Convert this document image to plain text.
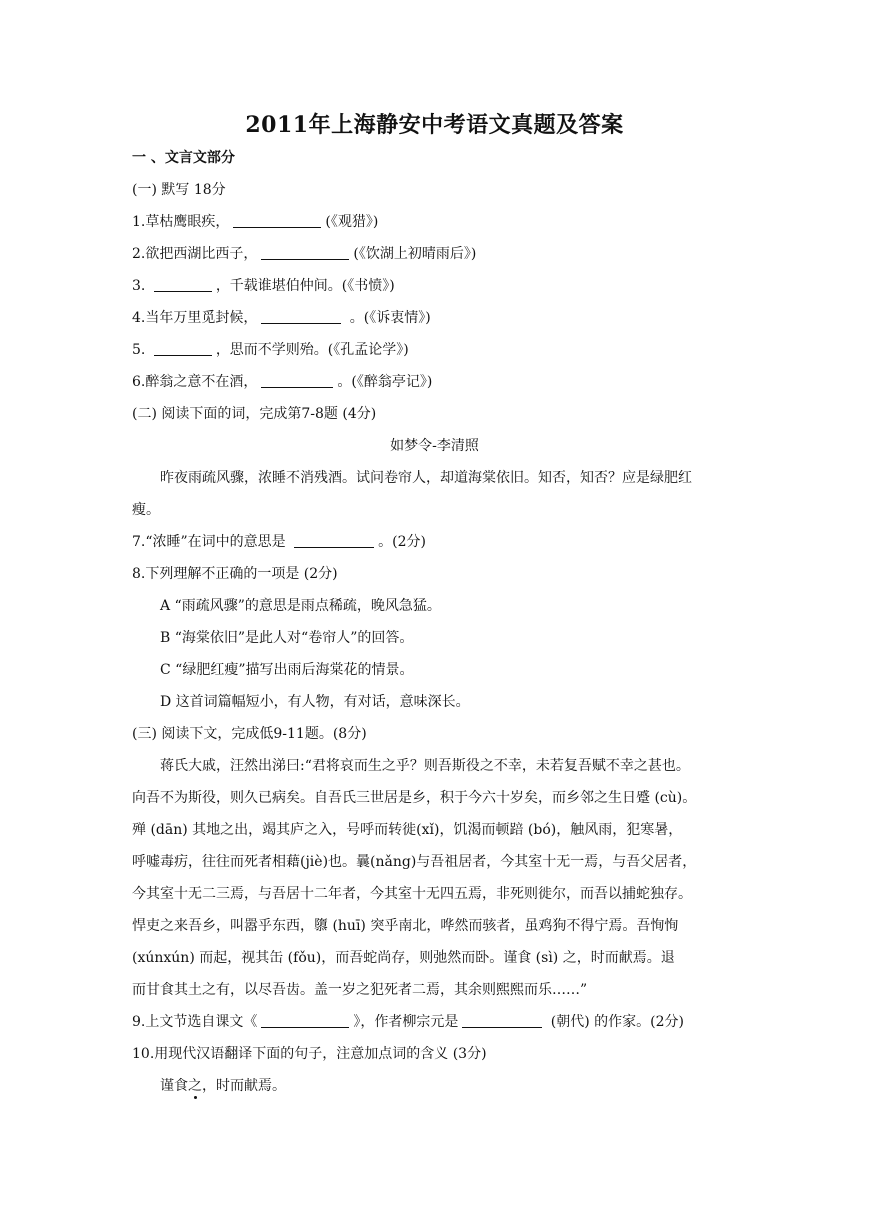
2011年上海静安中考语文真题及答案
一 、文言文部分
(一) 默写 18分
1.草枯鹰眼疾，	(《观猎》)
2.欲把西湖比西子，	(《饮湖上初晴雨后》)
3.	，千载谁堪伯仲间。(《书愤》)
4.当年万里觅封候，	。(《诉衷情》)
5.	，思而不学则殆。(《孔孟论学》)
6.醉翁之意不在酒，	。(《醉翁亭记》)
(二) 阅读下面的词，完成第7-8题 (4分)
如梦令-李清照
昨夜雨疏风骤，浓睡不消残酒。试问卷帘人，却道海棠依旧。知否，知否？应是绿肥红
瘦。
7.“浓睡”在词中的意思是	。(2分)
8.下列理解不正确的一项是 (2分)
A “雨疏风骤”的意思是雨点稀疏，晚风急猛。
B “海棠依旧”是此人对“卷帘人”的回答。
C “绿肥红瘦”描写出雨后海棠花的情景。
D 这首词篇幅短小，有人物，有对话，意味深长。
(三) 阅读下文，完成低9-11题。(8分)
蒋氏大戚，汪然出涕曰:“君将哀而生之乎？则吾斯役之不幸，未若复吾赋不幸之甚也。
向吾不为斯役，则久已病矣。自吾氏三世居是乡，积于今六十岁矣，而乡邻之生日蹙 (cù)。
殚 (dān) 其地之出，竭其庐之入，号呼而转徙(xǐ)，饥渴而顿踣 (bó)，触风雨，犯寒暑，
呼嘘毒疠，往往而死者相藉(jiè)也。曩(nǎng)与吾祖居者，今其室十无一焉，与吾父居者，
今其室十无二三焉，与吾居十二年者，今其室十无四五焉，非死则徙尔，而吾以捕蛇独存。
悍吏之来吾乡，叫嚣乎东西，隳 (huī) 突乎南北，哗然而骇者，虽鸡狗不得宁焉。吾恂恂
(xúnxún) 而起，视其缶 (fǒu)，而吾蛇尚存，则弛然而卧。谨食 (sì) 之，时而献焉。退
而甘食其土之有，以尽吾齿。盖一岁之犯死者二焉，其余则熙熙而乐……”
9.上文节选自课文《	》，作者柳宗元是	(朝代) 的作家。(2分)
10.用现代汉语翻译下面的句子，注意加点词的含义 (3分)
谨食之，时而献焉。
